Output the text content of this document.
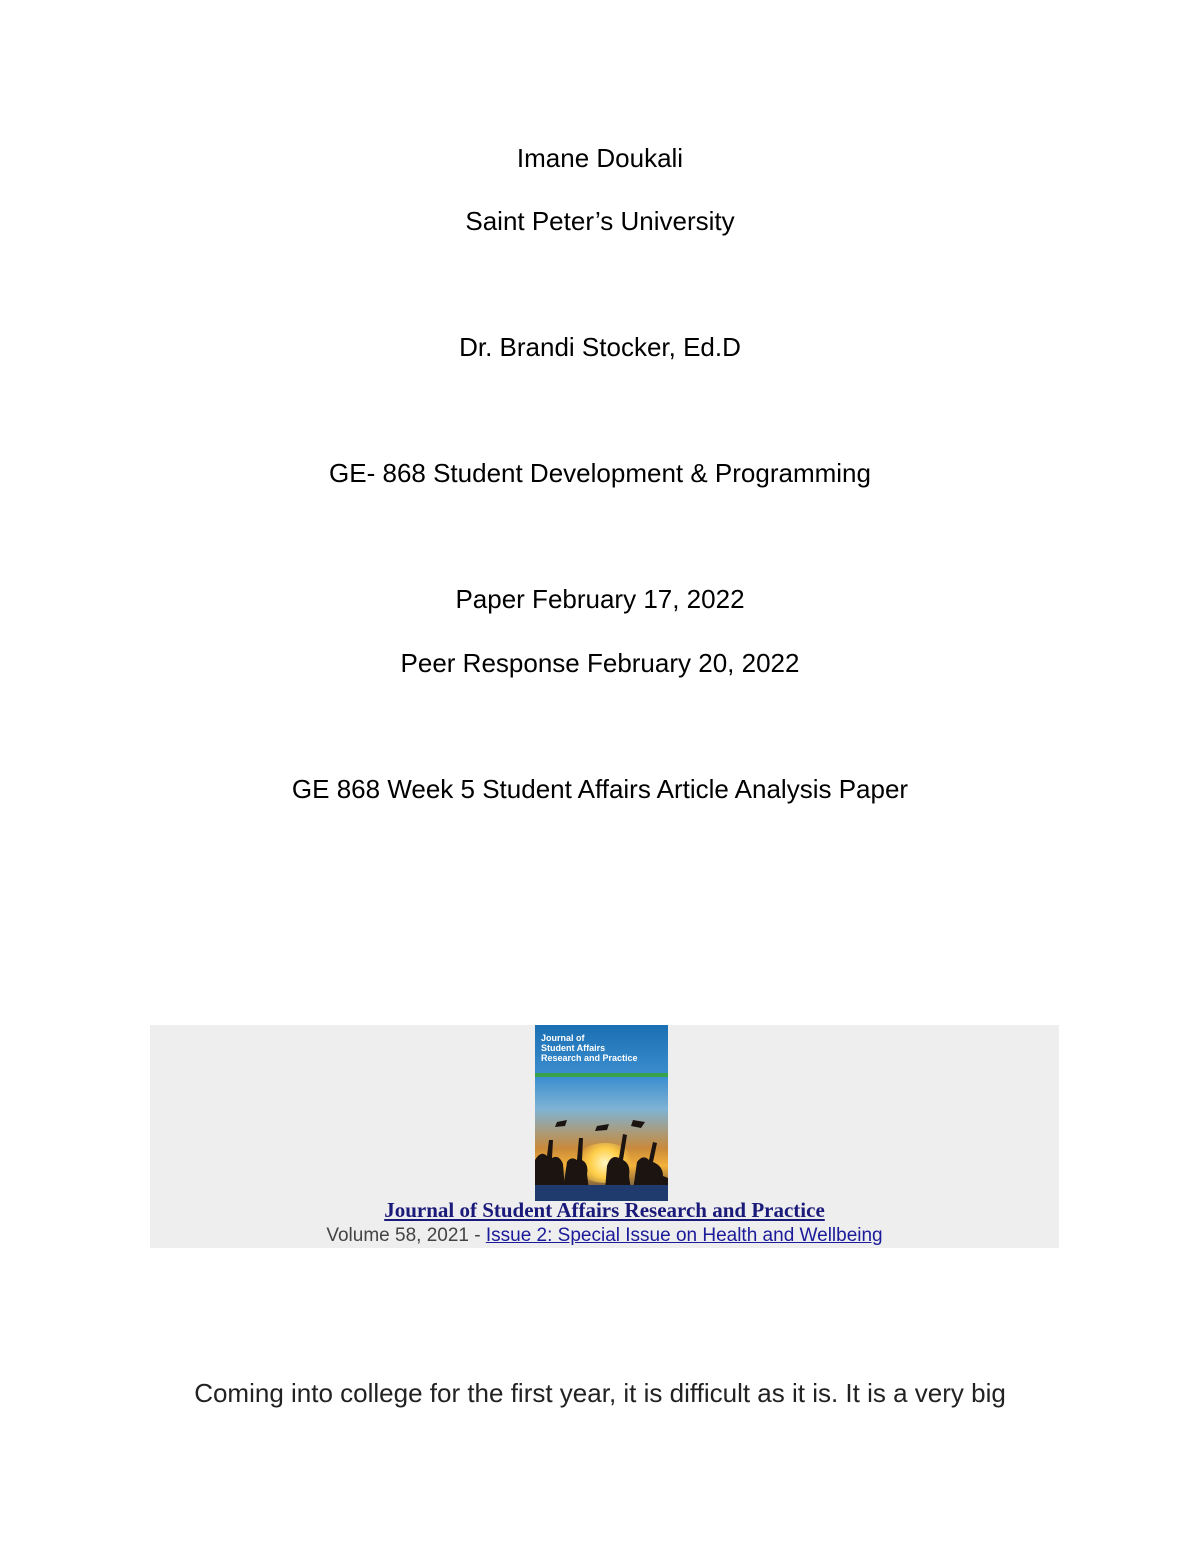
Imane Doukali
Saint Peter’s University
Dr. Brandi Stocker, Ed.D
GE- 868 Student Development & Programming
Paper February 17, 2022
Peer Response February 20, 2022
GE 868 Week 5 Student Affairs Article Analysis Paper
Journal of
Student Affairs
Research and Practice
Journal of Student Affairs Research and Practice
Volume 58, 2021 - Issue 2: Special Issue on Health and Wellbeing
Coming into college for the first year, it is difficult as it is. It is a very big
